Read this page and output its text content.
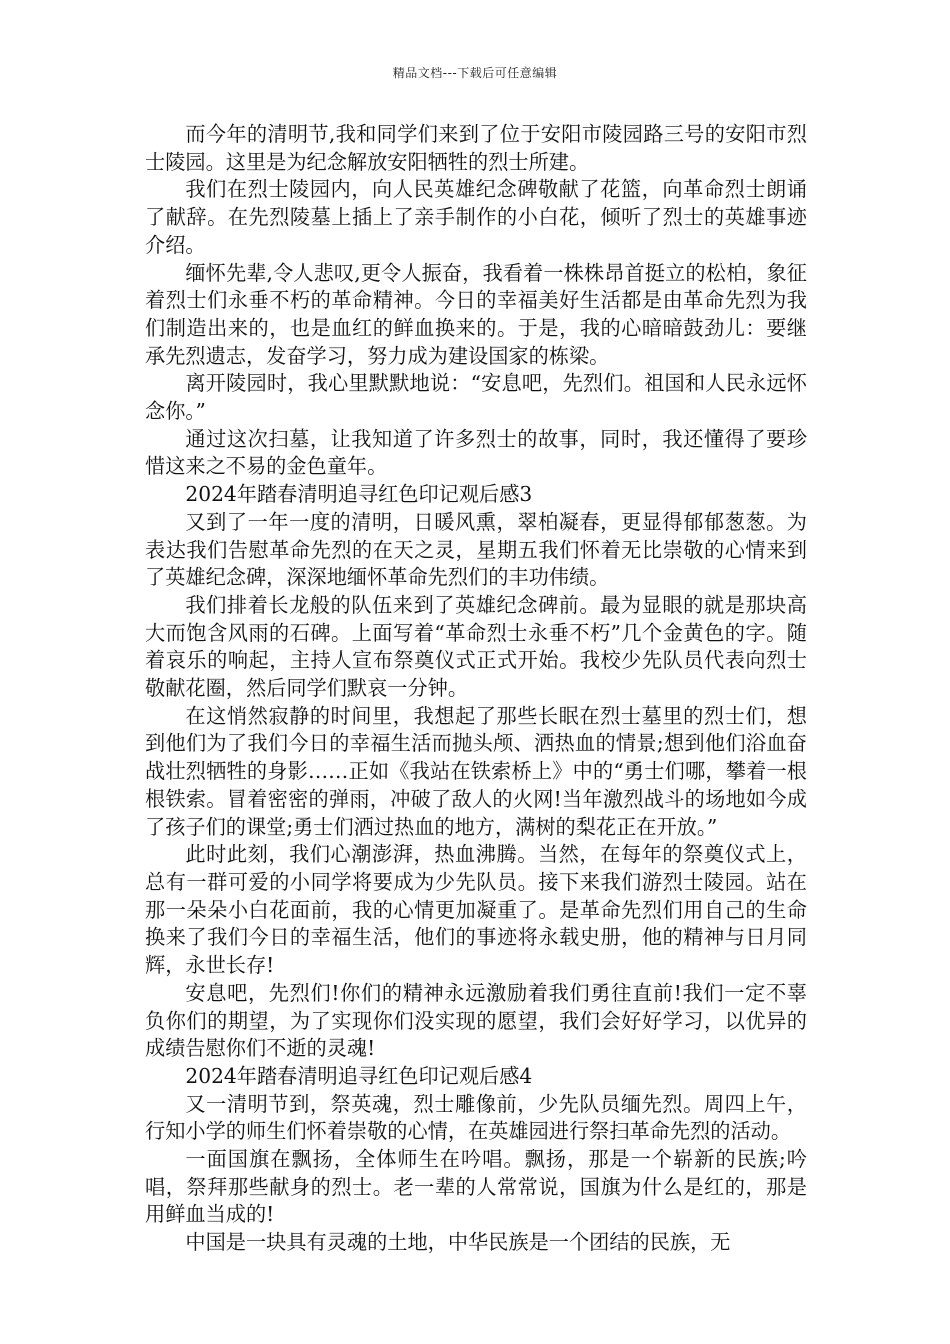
精品文档---下载后可任意编辑

而今年的清明节,我和同学们来到了位于安阳市陵园路三号的安阳市烈士陵园。这里是为纪念解放安阳牺牲的烈士所建。

我们在烈士陵园内，向人民英雄纪念碑敬献了花篮，向革命烈士朗诵了献辞。在先烈陵墓上插上了亲手制作的小白花，倾听了烈士的英雄事迹介绍。

缅怀先辈,令人悲叹,更令人振奋，我看着一株株昂首挺立的松柏，象征着烈士们永垂不朽的革命精神。今日的幸福美好生活都是由革命先烈为我们制造出来的，也是血红的鲜血换来的。于是，我的心暗暗鼓劲儿：要继承先烈遗志，发奋学习，努力成为建设国家的栋梁。

离开陵园时，我心里默默地说：“安息吧，先烈们。祖国和人民永远怀念你。”

通过这次扫墓，让我知道了许多烈士的故事，同时，我还懂得了要珍惜这来之不易的金色童年。

2024年踏春清明追寻红色印记观后感3

又到了一年一度的清明，日暖风熏，翠柏凝春，更显得郁郁葱葱。为表达我们告慰革命先烈的在天之灵，星期五我们怀着无比崇敬的心情来到了英雄纪念碑，深深地缅怀革命先烈们的丰功伟绩。

我们排着长龙般的队伍来到了英雄纪念碑前。最为显眼的就是那块高大而饱含风雨的石碑。上面写着“革命烈士永垂不朽”几个金黄色的字。随着哀乐的响起，主持人宣布祭奠仪式正式开始。我校少先队员代表向烈士敬献花圈，然后同学们默哀一分钟。

在这悄然寂静的时间里，我想起了那些长眠在烈士墓里的烈士们，想到他们为了我们今日的幸福生活而抛头颅、洒热血的情景;想到他们浴血奋战壮烈牺牲的身影……正如《我站在铁索桥上》中的“勇士们哪，攀着一根根铁索。冒着密密的弹雨，冲破了敌人的火网!当年激烈战斗的场地如今成了孩子们的课堂;勇士们洒过热血的地方，满树的梨花正在开放。”

此时此刻，我们心潮澎湃，热血沸腾。当然，在每年的祭奠仪式上，总有一群可爱的小同学将要成为少先队员。接下来我们游烈士陵园。站在那一朵朵小白花面前，我的心情更加凝重了。是革命先烈们用自己的生命换来了我们今日的幸福生活，他们的事迹将永载史册，他的精神与日月同辉，永世长存!

安息吧，先烈们!你们的精神永远激励着我们勇往直前!我们一定不辜负你们的期望，为了实现你们没实现的愿望，我们会好好学习，以优异的成绩告慰你们不逝的灵魂!

2024年踏春清明追寻红色印记观后感4

又一清明节到，祭英魂，烈士雕像前，少先队员缅先烈。周四上午，行知小学的师生们怀着崇敬的心情，在英雄园进行祭扫革命先烈的活动。

一面国旗在飘扬，全体师生在吟唱。飘扬，那是一个崭新的民族;吟唱，祭拜那些献身的烈士。老一辈的人常常说，国旗为什么是红的，那是用鲜血当成的!

中国是一块具有灵魂的土地，中华民族是一个团结的民族，无
